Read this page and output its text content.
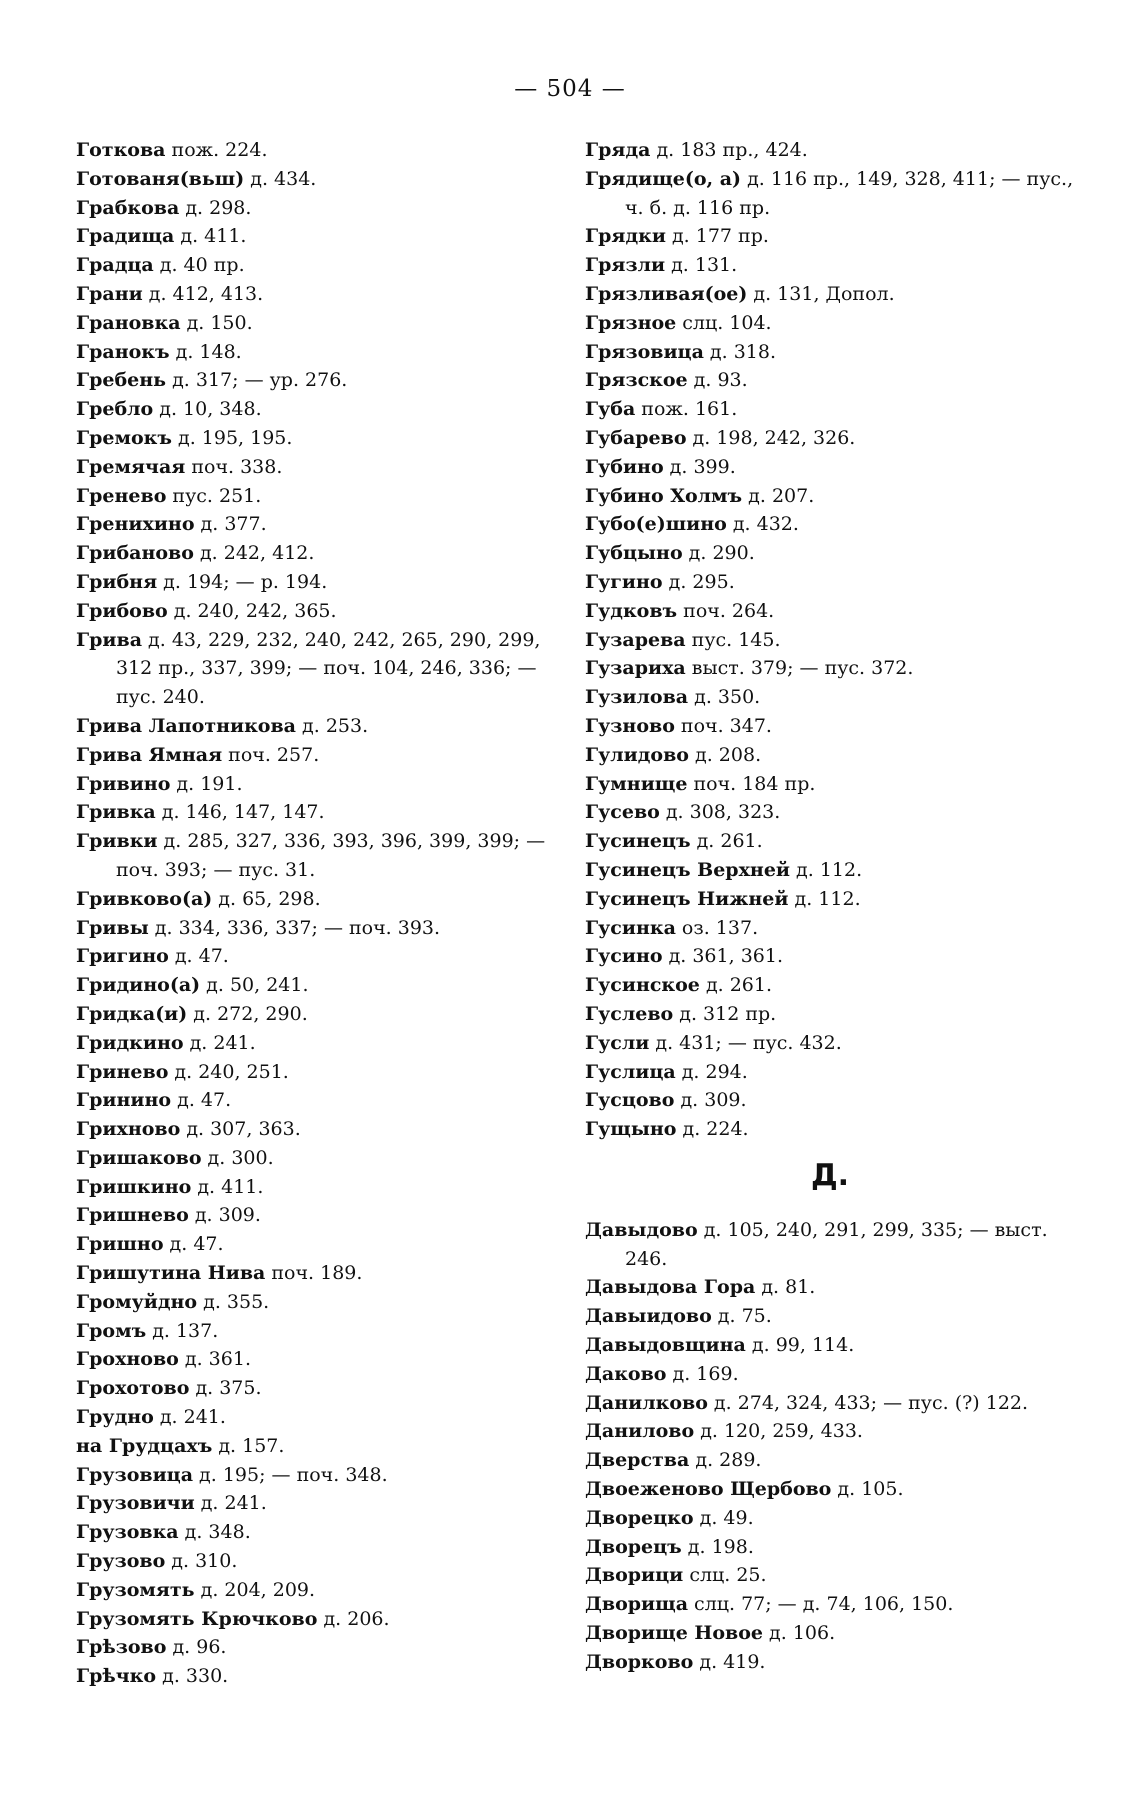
— 504 —
Готкова пож. 224.
Готованя(вьш) д. 434.
Грабкова д. 298.
Градища д. 411.
Градца д. 40 пр.
Грани д. 412, 413.
Грановка д. 150.
Гранокъ д. 148.
Гребень д. 317; — ур. 276.
Гребло д. 10, 348.
Гремокъ д. 195, 195.
Гремячая поч. 338.
Гренево пус. 251.
Гренихино д. 377.
Грибаново д. 242, 412.
Грибня д. 194; — р. 194.
Грибово д. 240, 242, 365.
Грива д. 43, 229, 232, 240, 242, 265, 290, 299, 312 пр., 337, 399; — поч. 104, 246, 336; — пус. 240.
Грива Лапотникова д. 253.
Грива Ямная поч. 257.
Гривино д. 191.
Гривка д. 146, 147, 147.
Гривки д. 285, 327, 336, 393, 396, 399, 399; — поч. 393; — пус. 31.
Гривково(а) д. 65, 298.
Гривы д. 334, 336, 337; — поч. 393.
Григино д. 47.
Гридино(а) д. 50, 241.
Гридка(и) д. 272, 290.
Гридкино д. 241.
Гринево д. 240, 251.
Гринино д. 47.
Грихново д. 307, 363.
Гришаково д. 300.
Гришкино д. 411.
Гришнево д. 309.
Гришно д. 47.
Гришутина Нива поч. 189.
Громуйдно д. 355.
Громъ д. 137.
Грохново д. 361.
Грохотово д. 375.
Грудно д. 241.
на Грудцахъ д. 157.
Грузовица д. 195; — поч. 348.
Грузовичи д. 241.
Грузовка д. 348.
Грузово д. 310.
Грузомять д. 204, 209.
Грузомять Крючково д. 206.
Грѣзово д. 96.
Грѣчко д. 330.
Гряда д. 183 пр., 424.
Грядище(о, а) д. 116 пр., 149, 328, 411; — пус., ч. б. д. 116 пр.
Грядки д. 177 пр.
Грязли д. 131.
Грязливая(ое) д. 131, Допол.
Грязное слц. 104.
Грязовица д. 318.
Грязское д. 93.
Губа пож. 161.
Губарево д. 198, 242, 326.
Губино д. 399.
Губино Холмъ д. 207.
Губо(е)шино д. 432.
Губцыно д. 290.
Гугино д. 295.
Гудковъ поч. 264.
Гузарева пус. 145.
Гузариха выст. 379; — пус. 372.
Гузилова д. 350.
Гузново поч. 347.
Гулидово д. 208.
Гумнище поч. 184 пр.
Гусево д. 308, 323.
Гусинецъ д. 261.
Гусинецъ Верхней д. 112.
Гусинецъ Нижней д. 112.
Гусинка оз. 137.
Гусино д. 361, 361.
Гусинское д. 261.
Гуслево д. 312 пр.
Гусли д. 431; — пус. 432.
Гуслица д. 294.
Гусцово д. 309.
Гущыно д. 224.
Д.
Давыдово д. 105, 240, 291, 299, 335; — выст. 246.
Давыдова Гора д. 81.
Давыидово д. 75.
Давыдовщина д. 99, 114.
Даково д. 169.
Данилково д. 274, 324, 433; — пус. (?) 122.
Данилово д. 120, 259, 433.
Дверства д. 289.
Двоеженово Щербово д. 105.
Дворецко д. 49.
Дворецъ д. 198.
Дворици слц. 25.
Дворища слц. 77; — д. 74, 106, 150.
Дворище Новое д. 106.
Дворково д. 419.
